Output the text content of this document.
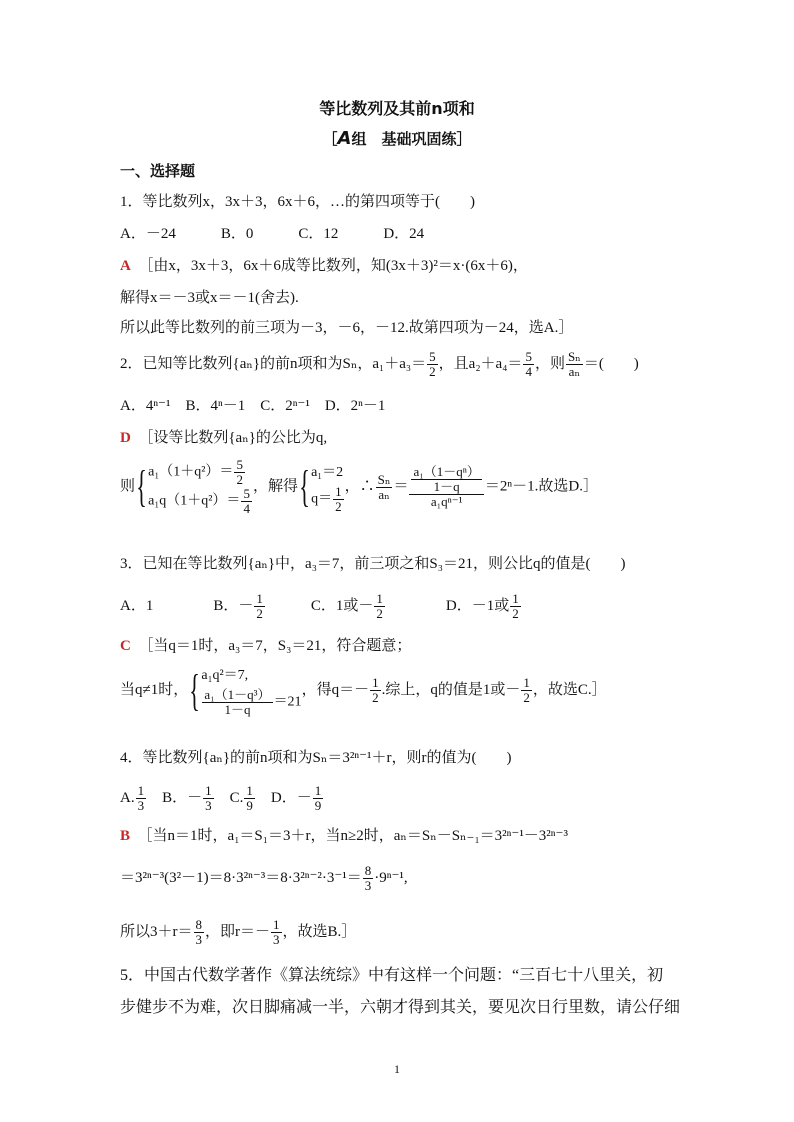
等比数列及其前n项和
［A组　基础巩固练］
一、选择题
1．等比数列x，3x＋3，6x＋6，…的第四项等于(　　)
A．－24　　　B．0　　　C．12　　　D．24
A　 ［由x，3x＋3，6x＋6成等比数列，知(3x＋3)²＝x·(6x＋6)，
解得x＝－3或x＝－1(舍去).
所以此等比数列的前三项为－3，－6，－12.故第四项为－24，选A.］
2．已知等比数列{aₙ}的前n项和为Sₙ，$a_1+a_3= \frac{5}{2}$ ，且$a_2+a_4= \frac{5}{4}$ ，则 $\frac{\text{Sₙ}}{\text{aₙ}}$ ＝(　　)
A．4ⁿ⁻¹　B．4ⁿ－1　C．2ⁿ⁻¹　D．2ⁿ－1
D　 ［设等比数列{aₙ}的公比为q,
则{$a_1(1+q^2)= \frac{5}{2}$

$a_1q(1+q^2)= \frac{5}{4}$
，解得{a₁＝2
$q= \frac{1}{2}$ ，∴ $\frac{\text{Sₙ}}{\text{aₙ}} = \frac{\frac{\text{a₁（1－qⁿ）}}{1-q}}{\text{a₁qⁿ⁻¹}} =2^n-1$.故选D.］
3．已知在等比数列{aₙ}中，a₃＝7，前三项之和S₃＝21，则公比q的值是(　　)
A．1　　　　	B．－ $\frac{1}{2}$
　　　	C．1或－ $\frac{1}{2}$
　　　　	D．－1或 $\frac{1}{2}$
C　 ［当q＝1时，a₃＝7，S₃＝21，符合题意；
当q≠1时，{a₁q²＝7,

$\frac{\text{a₁（1－q³）}}{1-q} =21$，得$q=- \frac{1}{2}$ .综上，q的值是1或－ $\frac{1}{2}$ ，故选C.］
4．等比数列{aₙ}的前n项和为Sₙ＝3²ⁿ⁻¹＋r，则r的值为(　　)
A. $\frac{1}{3}$
　 B．－ $\frac{1}{3}$
　 C. $\frac{1}{9}$
　 D．－ $\frac{1}{9}$
B　 ［当n＝1时，a₁＝S₁＝3＋r，当n≥2时，aₙ＝Sₙ－Sₙ₋₁＝3²ⁿ⁻¹－3²ⁿ⁻³
$=3^{2n-3}(3^2-1)=8\cdot 3^{2n-3}=8\cdot 3^{2n-2}\cdot 3^{-1}= \frac{8}{3} \cdot 9^{n-1}$,
所以$3+r= \frac{8}{3}$ ，即$r=- \frac{1}{3}$ ，故选B.］
5．中国古代数学著作《算法统综》中有这样一个问题：“三百七十八里关，初
步健步不为难，次日脚痛减一半，六朝才得到其关，要见次日行里数，请公仔细
1
